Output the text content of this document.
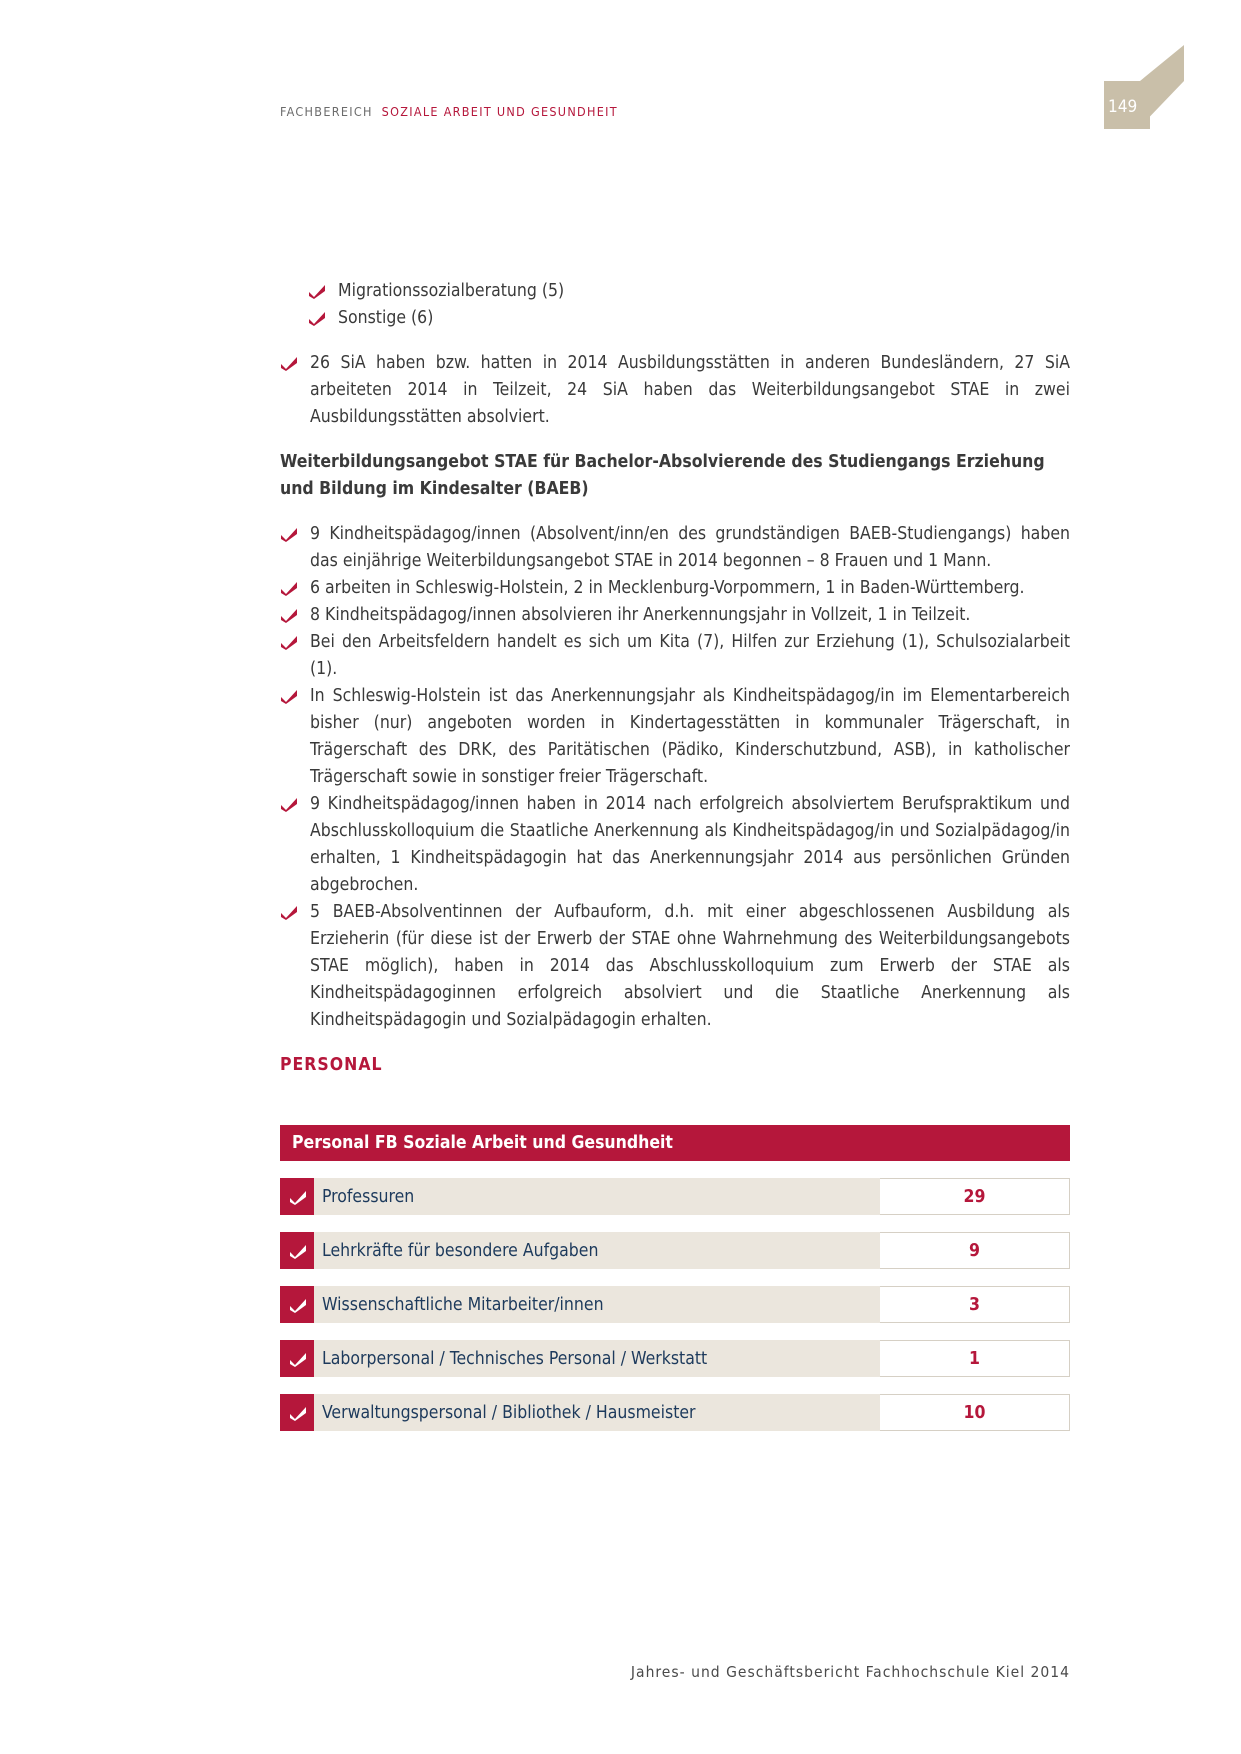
FACHBEREICH SOZIALE ARBEIT UND GESUNDHEIT	149
Migrationssozialberatung (5)
Sonstige (6)
26 SiA haben bzw. hatten in 2014 Ausbildungsstätten in anderen Bundesländern, 27 SiA arbeiteten 2014 in Teilzeit, 24 SiA haben das Weiterbildungsangebot STAE in zwei Ausbildungsstätten absolviert.

Weiterbildungsangebot STAE für Bachelor-Absolvierende des Studiengangs Erziehung und Bildung im Kindesalter (BAEB)

9 Kindheitspädagog/innen (Absolvent/inn/en des grundständigen BAEB-Studiengangs) haben das einjährige Weiterbildungsangebot STAE in 2014 begonnen – 8 Frauen und 1 Mann.
6 arbeiten in Schleswig-Holstein, 2 in Mecklenburg-Vorpommern, 1 in Baden-Württemberg.
8 Kindheitspädagog/innen absolvieren ihr Anerkennungsjahr in Vollzeit, 1 in Teilzeit.
Bei den Arbeitsfeldern handelt es sich um Kita (7), Hilfen zur Erziehung (1), Schulsozialarbeit (1).
In Schleswig-Holstein ist das Anerkennungsjahr als Kindheitspädagog/in im Elementarbereich bisher (nur) angeboten worden in Kindertagesstätten in kommunaler Trägerschaft, in Trägerschaft des DRK, des Paritätischen (Pädiko, Kinderschutzbund, ASB), in katholischer Trägerschaft sowie in sonstiger freier Trägerschaft.
9 Kindheitspädagog/innen haben in 2014 nach erfolgreich absolviertem Berufspraktikum und Abschlusskolloquium die Staatliche Anerkennung als Kindheitspädagog/in und Sozialpädagog/in erhalten, 1 Kindheitspädagogin hat das Anerkennungsjahr 2014 aus persönlichen Gründen abgebrochen.
5 BAEB-Absolventinnen der Aufbauform, d.h. mit einer abgeschlossenen Ausbildung als Erzieherin (für diese ist der Erwerb der STAE ohne Wahrnehmung des Weiterbildungsangebots STAE möglich), haben in 2014 das Abschlusskolloquium zum Erwerb der STAE als Kindheitspädagoginnen erfolgreich absolviert und die Staatliche Anerkennung als Kindheitspädagogin und Sozialpädagogin erhalten.

PERSONAL

Personal FB Soziale Arbeit und Gesundheit
Professuren	29
Lehrkräfte für besondere Aufgaben	9
Wissenschaftliche Mitarbeiter/innen	3
Laborpersonal / Technisches Personal / Werkstatt	1
Verwaltungspersonal / Bibliothek / Hausmeister	10
Jahres- und Geschäftsbericht Fachhochschule Kiel 2014
